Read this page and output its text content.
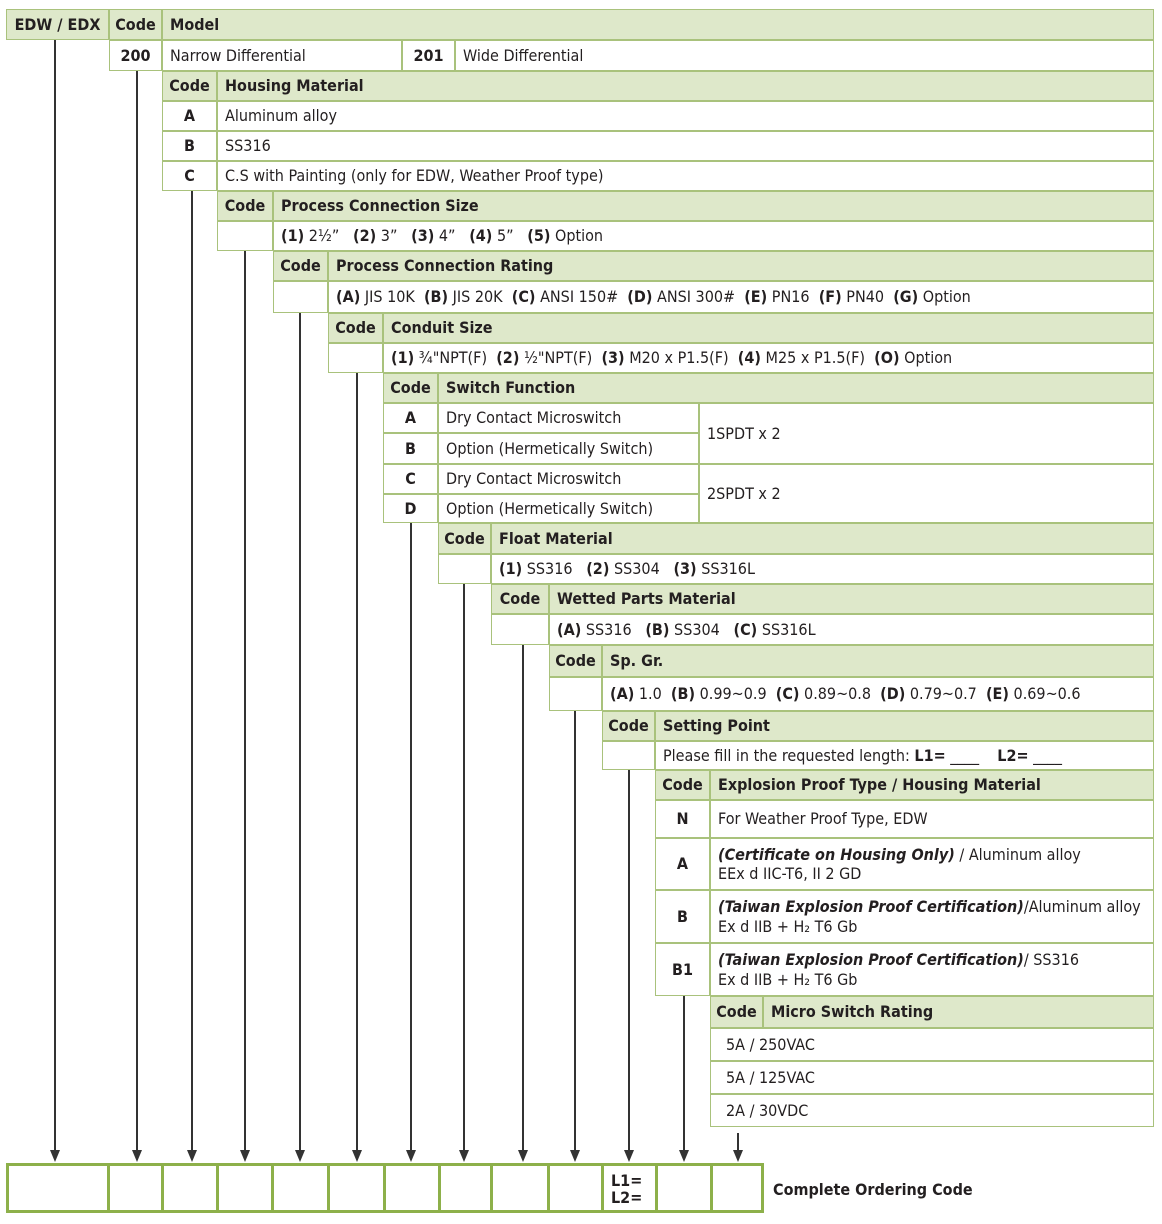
EDW / EDX Code Model
200 Narrow Differential	201 Wide Differential
Code Housing Material
A Aluminum alloy
B SS316
C C.S with Painting (only for EDW, Weather Proof type)
Code Process Connection Size
(1) 2½”
(2) 3”
(3) 4”
(4) 5”
(5) Option
Code Process Connection Rating
(A) JIS 10K
(B) JIS 20K
(C) ANSI 150#
(D) ANSI 300#
(E) PN16
(F) PN40
(G) Option
Code Conduit Size
(1) ¾"NPT(F)
(2) ½"NPT(F)
(3) M20 x P1.5(F)
(4) M25 x P1.5(F)
(O) Option
Code Switch Function
A Dry Contact Microswitch
B Option (Hermetically Switch)
1SPDT x 2
C Dry Contact Microswitch
D Option (Hermetically Switch)
2SPDT x 2
Code Float Material
(1) SS316
(2) SS304
(3) SS316L
Code Wetted Parts Material
(A) SS316
(B) SS304
(C) SS316L
Code Sp. Gr.
(A) 1.0
(B) 0.99~0.9
(C) 0.89~0.8
(D) 0.79~0.7
(E) 0.69~0.6
Code Setting Point
Please fill in the requested length:
L1=
____
L2=
____
Code Explosion Proof Type / Housing Material
N For Weather Proof Type, EDW
A
(Certificate on Housing Only) / Aluminum alloy
EEx d IIC-T6, II 2 GD
B
(Taiwan Explosion Proof Certification)/Aluminum alloy
Ex d IIB + H₂ T6 Gb
B1
(Taiwan Explosion Proof Certification)/ SS316
Ex d IIB + H₂ T6 Gb
Code Micro Switch Rating
5A / 250VAC
5A / 125VAC
2A / 30VDC
L1=
L2=	Complete Ordering Code
